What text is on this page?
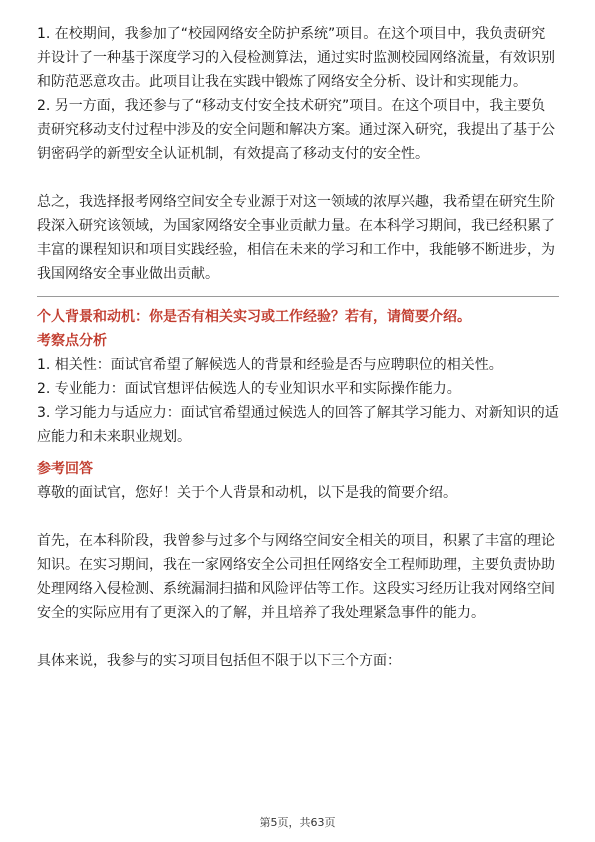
1. 在校期间，我参加了“校园网络安全防护系统”项目。在这个项目中，我负责研究并设计了一种基于深度学习的入侵检测算法，通过实时监测校园网络流量，有效识别和防范恶意攻击。此项目让我在实践中锻炼了网络安全分析、设计和实现能力。

2. 另一方面，我还参与了“移动支付安全技术研究”项目。在这个项目中，我主要负责研究移动支付过程中涉及的安全问题和解决方案。通过深入研究，我提出了基于公钥密码学的新型安全认证机制，有效提高了移动支付的安全性。

总之，我选择报考网络空间安全专业源于对这一领域的浓厚兴趣，我希望在研究生阶段深入研究该领域，为国家网络安全事业贡献力量。在本科学习期间，我已经积累了丰富的课程知识和项目实践经验，相信在未来的学习和工作中，我能够不断进步，为我国网络安全事业做出贡献。

个人背景和动机：你是否有相关实习或工作经验？若有，请简要介绍。

考察点分析

1. 相关性：面试官希望了解候选人的背景和经验是否与应聘职位的相关性。

2. 专业能力：面试官想评估候选人的专业知识水平和实际操作能力。

3. 学习能力与适应力：面试官希望通过候选人的回答了解其学习能力、对新知识的适应能力和未来职业规划。

参考回答

尊敬的面试官，您好！关于个人背景和动机，以下是我的简要介绍。

首先，在本科阶段，我曾参与过多个与网络空间安全相关的项目，积累了丰富的理论知识。在实习期间，我在一家网络安全公司担任网络安全工程师助理，主要负责协助处理网络入侵检测、系统漏洞扫描和风险评估等工作。这段实习经历让我对网络空间安全的实际应用有了更深入的了解，并且培养了我处理紧急事件的能力。

具体来说，我参与的实习项目包括但不限于以下三个方面：

第5页，共63页
